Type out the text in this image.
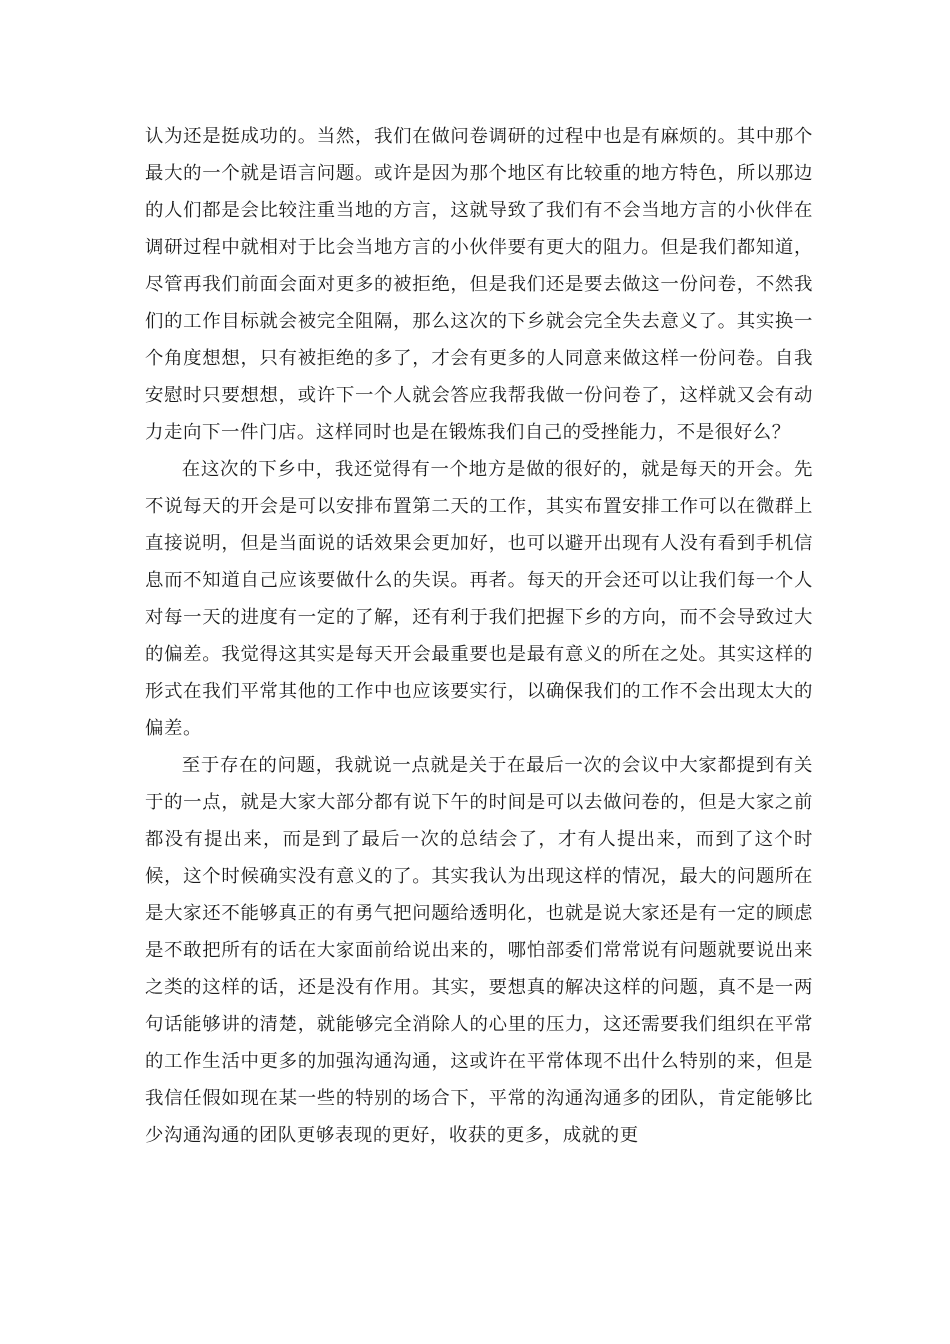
认为还是挺成功的。当然，我们在做问卷调研的过程中也是有麻烦的。其中那个最大的一个就是语言问题。或许是因为那个地区有比较重的地方特色，所以那边的人们都是会比较注重当地的方言，这就导致了我们有不会当地方言的小伙伴在调研过程中就相对于比会当地方言的小伙伴要有更大的阻力。但是我们都知道，尽管再我们前面会面对更多的被拒绝，但是我们还是要去做这一份问卷，不然我们的工作目标就会被完全阻隔，那么这次的下乡就会完全失去意义了。其实换一个角度想想，只有被拒绝的多了，才会有更多的人同意来做这样一份问卷。自我安慰时只要想想，或许下一个人就会答应我帮我做一份问卷了，这样就又会有动力走向下一件门店。这样同时也是在锻炼我们自己的受挫能力，不是很好么？

在这次的下乡中，我还觉得有一个地方是做的很好的，就是每天的开会。先不说每天的开会是可以安排布置第二天的工作，其实布置安排工作可以在微群上直接说明，但是当面说的话效果会更加好，也可以避开出现有人没有看到手机信息而不知道自己应该要做什么的失误。再者。每天的开会还可以让我们每一个人对每一天的进度有一定的了解，还有利于我们把握下乡的方向，而不会导致过大的偏差。我觉得这其实是每天开会最重要也是最有意义的所在之处。其实这样的形式在我们平常其他的工作中也应该要实行，以确保我们的工作不会出现太大的偏差。

至于存在的问题，我就说一点就是关于在最后一次的会议中大家都提到有关于的一点，就是大家大部分都有说下午的时间是可以去做问卷的，但是大家之前都没有提出来，而是到了最后一次的总结会了，才有人提出来，而到了这个时候，这个时候确实没有意义的了。其实我认为出现这样的情况，最大的问题所在是大家还不能够真正的有勇气把问题给透明化，也就是说大家还是有一定的顾虑是不敢把所有的话在大家面前给说出来的，哪怕部委们常常说有问题就要说出来之类的这样的话，还是没有作用。其实，要想真的解决这样的问题，真不是一两句话能够讲的清楚，就能够完全消除人的心里的压力，这还需要我们组织在平常的工作生活中更多的加强沟通沟通，这或许在平常体现不出什么特别的来，但是我信任假如现在某一些的特别的场合下，平常的沟通沟通多的团队，肯定能够比少沟通沟通的团队更够表现的更好，收获的更多，成就的更
